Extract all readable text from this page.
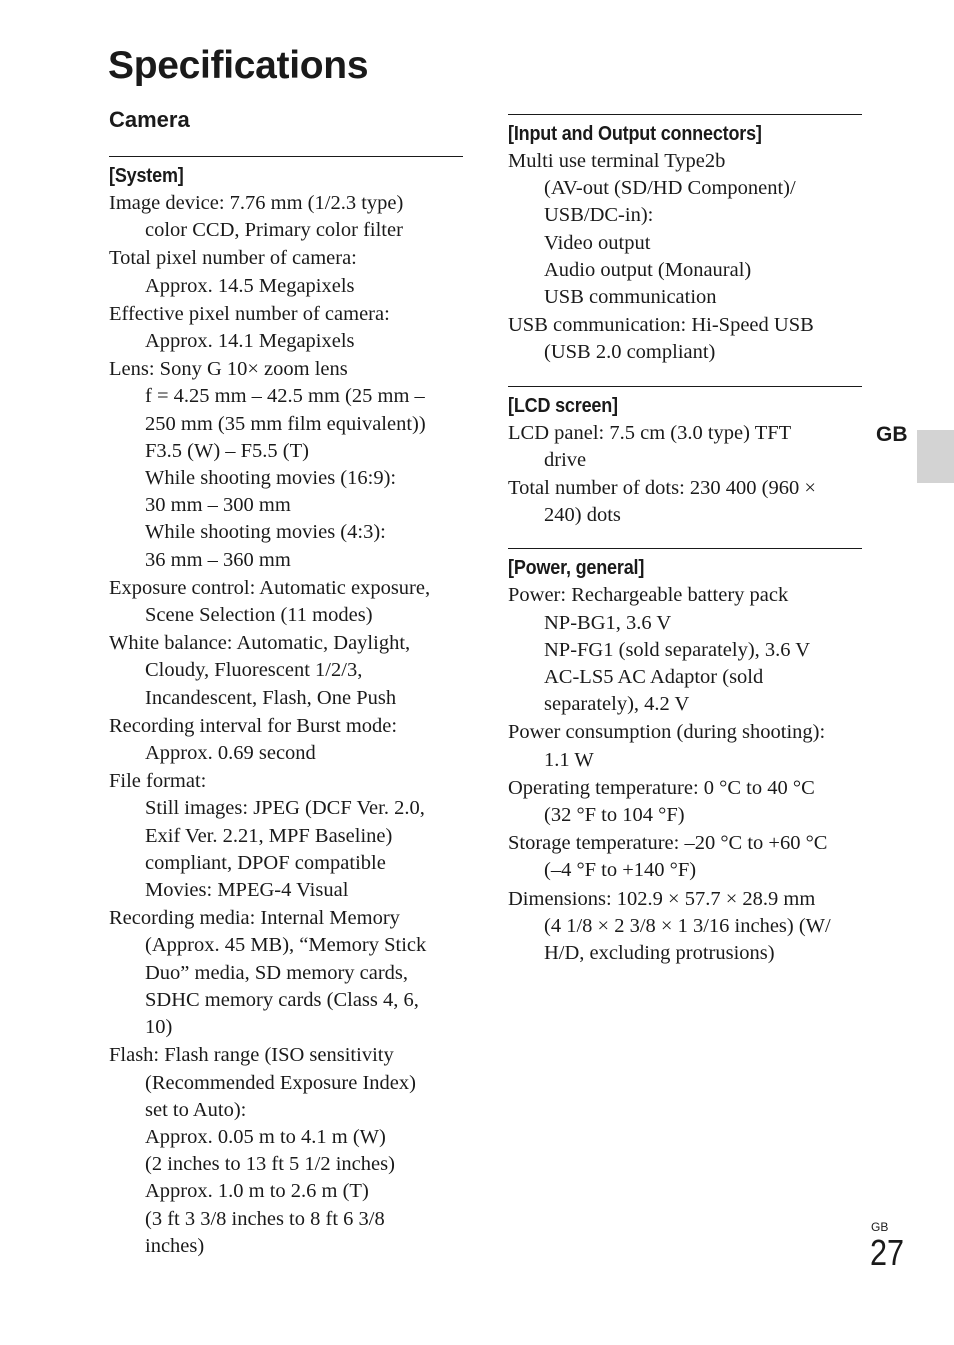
Specifications
Camera
[System]
Image device: 7.76 mm (1/2.3 type)
color CCD, Primary color filter
Total pixel number of camera:
Approx. 14.5 Megapixels
Effective pixel number of camera:
Approx. 14.1 Megapixels
Lens: Sony G 10× zoom lens
f = 4.25 mm – 42.5 mm (25 mm –
250 mm (35 mm film equivalent))
F3.5 (W) – F5.5 (T)
While shooting movies (16:9):
30 mm – 300 mm
While shooting movies (4:3):
36 mm – 360 mm
Exposure control: Automatic exposure,
Scene Selection (11 modes)
White balance: Automatic, Daylight,
Cloudy, Fluorescent 1/2/3,
Incandescent, Flash, One Push
Recording interval for Burst mode:
Approx. 0.69 second
File format:
Still images: JPEG (DCF Ver. 2.0,
Exif Ver. 2.21, MPF Baseline)
compliant, DPOF compatible
Movies: MPEG-4 Visual
Recording media: Internal Memory
(Approx. 45 MB), “Memory Stick
Duo” media, SD memory cards,
SDHC memory cards (Class 4, 6,
10)
Flash: Flash range (ISO sensitivity
(Recommended Exposure Index)
set to Auto):
Approx. 0.05 m to 4.1 m (W)
(2 inches to 13 ft 5 1/2 inches)
Approx. 1.0 m to 2.6 m (T)
(3 ft 3 3/8 inches to 8 ft 6 3/8
inches)
[Input and Output connectors]
Multi use terminal Type2b
(AV-out (SD/HD Component)/
USB/DC-in):
Video output
Audio output (Monaural)
USB communication
USB communication: Hi-Speed USB
(USB 2.0 compliant)
[LCD screen]
LCD panel: 7.5 cm (3.0 type) TFT
drive
Total number of dots: 230 400 (960 ×
240) dots
[Power, general]
Power: Rechargeable battery pack
NP-BG1, 3.6 V
NP-FG1 (sold separately), 3.6 V
AC-LS5 AC Adaptor (sold
separately), 4.2 V
Power consumption (during shooting):
1.1 W
Operating temperature: 0 °C to 40 °C
(32 °F to 104 °F)
Storage temperature: –20 °C to +60 °C
(–4 °F to +140 °F)
Dimensions: 102.9 × 57.7 × 28.9 mm
(4 1/8 × 2 3/8 × 1 3/16 inches) (W/
H/D, excluding protrusions)
GB
GB
27
